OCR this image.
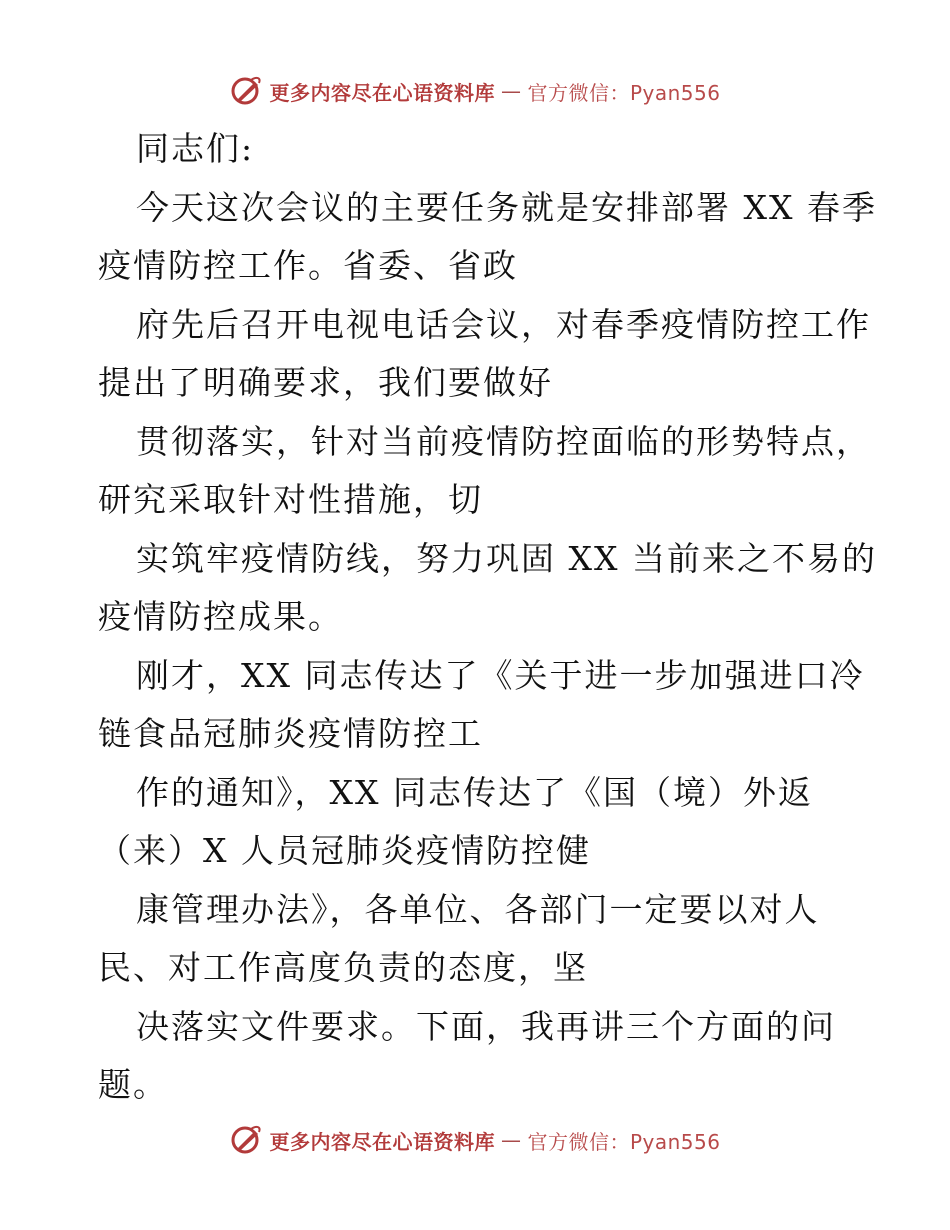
更多内容尽在心语资料库 — 官方微信：Pyan556
同志们:
今天这次会议的主要任务就是安排部署 XX 春季
疫情防控工作。省委、省政
府先后召开电视电话会议，对春季疫情防控工作
提出了明确要求，我们要做好
贯彻落实，针对当前疫情防控面临的形势特点，
研究采取针对性措施，切
实筑牢疫情防线，努力巩固 XX 当前来之不易的
疫情防控成果。
刚才，XX 同志传达了《关于进一步加强进口冷
链食品冠肺炎疫情防控工
作的通知》，XX 同志传达了《国（境）外返
（来）X 人员冠肺炎疫情防控健
康管理办法》，各单位、各部门一定要以对人
民、对工作高度负责的态度，坚
决落实文件要求。下面，我再讲三个方面的问
题。
更多内容尽在心语资料库 — 官方微信：Pyan556
